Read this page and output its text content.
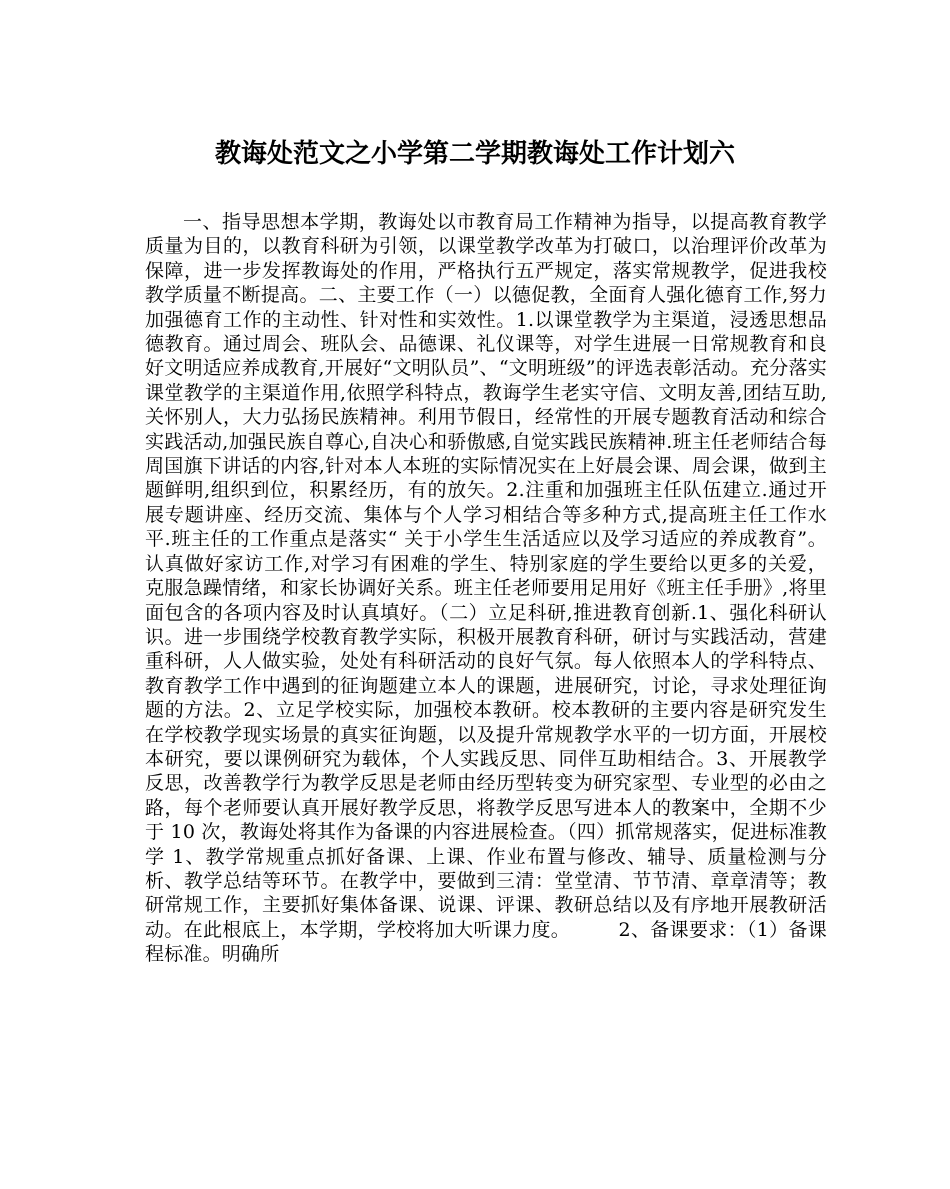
教诲处范文之小学第二学期教诲处工作计划六

一、指导思想本学期，教诲处以市教育局工作精神为指导，以提高教育教学质量为目的，以教育科研为引领，以课堂教学改革为打破口，以治理评价改革为保障，进一步发挥教诲处的作用，严格执行五严规定，落实常规教学，促进我校教学质量不断提高。二、主要工作（一）以德促教，全面育人强化德育工作,努力加强德育工作的主动性、针对性和实效性。1.以课堂教学为主渠道，浸透思想品德教育。通过周会、班队会、品德课、礼仪课等，对学生进展一日常规教育和良好文明适应养成教育,开展好“文明队员”、“文明班级”的评选表彰活动。充分落实课堂教学的主渠道作用,依照学科特点，教诲学生老实守信、文明友善,团结互助,关怀别人，大力弘扬民族精神。利用节假日，经常性的开展专题教育活动和综合实践活动,加强民族自尊心,自决心和骄傲感,自觉实践民族精神.班主任老师结合每周国旗下讲话的内容,针对本人本班的实际情况实在上好晨会课、周会课，做到主题鲜明,组织到位，积累经历，有的放矢。2.注重和加强班主任队伍建立.通过开展专题讲座、经历交流、集体与个人学习相结合等多种方式,提高班主任工作水平.班主任的工作重点是落实“ 关于小学生生活适应以及学习适应的养成教育”。认真做好家访工作,对学习有困难的学生、特别家庭的学生要给以更多的关爱， 克服急躁情绪，和家长协调好关系。班主任老师要用足用好《班主任手册》,将里面包含的各项内容及时认真填好。（二）立足科研,推进教育创新.1、强化科研认识。进一步围绕学校教育教学实际，积极开展教育科研，研讨与实践活动，营建重科研，人人做实验，处处有科研活动的良好气氛。每人依照本人的学科特点、教育教学工作中遇到的征询题建立本人的课题，进展研究，讨论，寻求处理征询题的方法。2、立足学校实际，加强校本教研。校本教研的主要内容是研究发生在学校教学现实场景的真实征询题，以及提升常规教学水平的一切方面，开展校本研究，要以课例研究为载体，个人实践反思、同伴互助相结合。3、开展教学反思，改善教学行为教学反思是老师由经历型转变为研究家型、专业型的必由之路，每个老师要认真开展好教学反思，将教学反思写进本人的教案中，全期不少于 10 次，教诲处将其作为备课的内容进展检查。（四）抓常规落实，促进标准教学 1、教学常规重点抓好备课、上课、作业布置与修改、辅导、质量检测与分析、教学总结等环节。在教学中，要做到三清：堂堂清、节节清、章章清等；教研常规工作，主要抓好集体备课、说课、评课、教研总结以及有序地开展教研活动。在此根底上，本学期，学校将加大听课力度。　　　2、备课要求：（1）备课程标准。明确所
